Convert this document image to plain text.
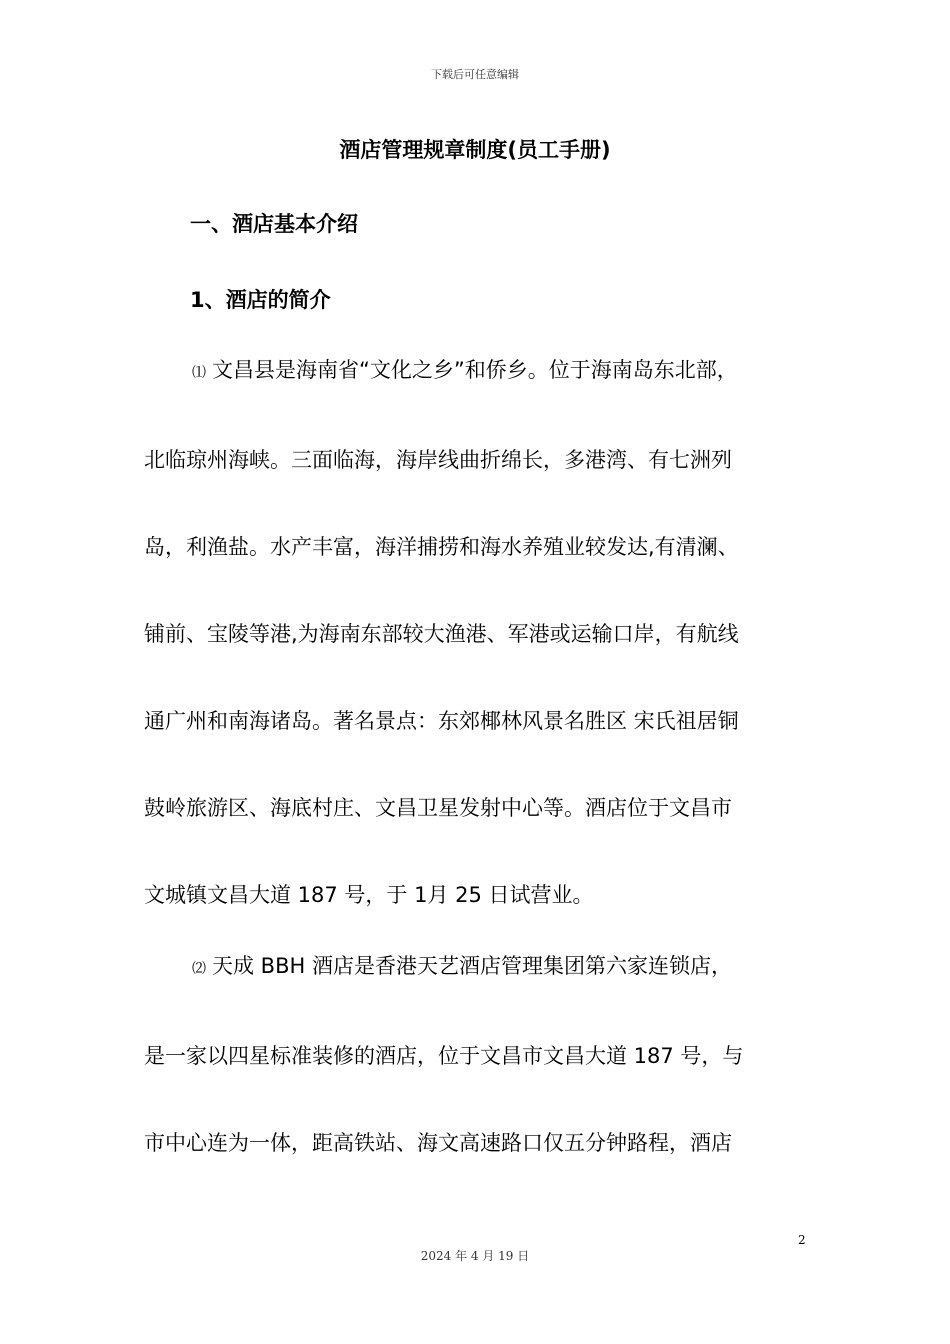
下载后可任意编辑
酒店管理规章制度(员工手册)
一、酒店基本介绍
1、酒店的简介
⑴ 文昌县是海南省“文化之乡”和侨乡。位于海南岛东北部，
北临琼州海峡。三面临海，海岸线曲折绵长，多港湾、有七洲列
岛，利渔盐。水产丰富，海洋捕捞和海水养殖业较发达,有清澜、
铺前、宝陵等港,为海南东部较大渔港、军港或运输口岸，有航线
通广州和南海诸岛。著名景点：东郊椰林风景名胜区 宋氏祖居铜
鼓岭旅游区、海底村庄、文昌卫星发射中心等。酒店位于文昌市
文城镇文昌大道 187 号，于 1月 25 日试营业。
⑵ 天成 BBH 酒店是香港天艺酒店管理集团第六家连锁店，
是一家以四星标准装修的酒店，位于文昌市文昌大道 187 号，与
市中心连为一体，距高铁站、海文高速路口仅五分钟路程，酒店
2
2024 年 4 月 19 日
